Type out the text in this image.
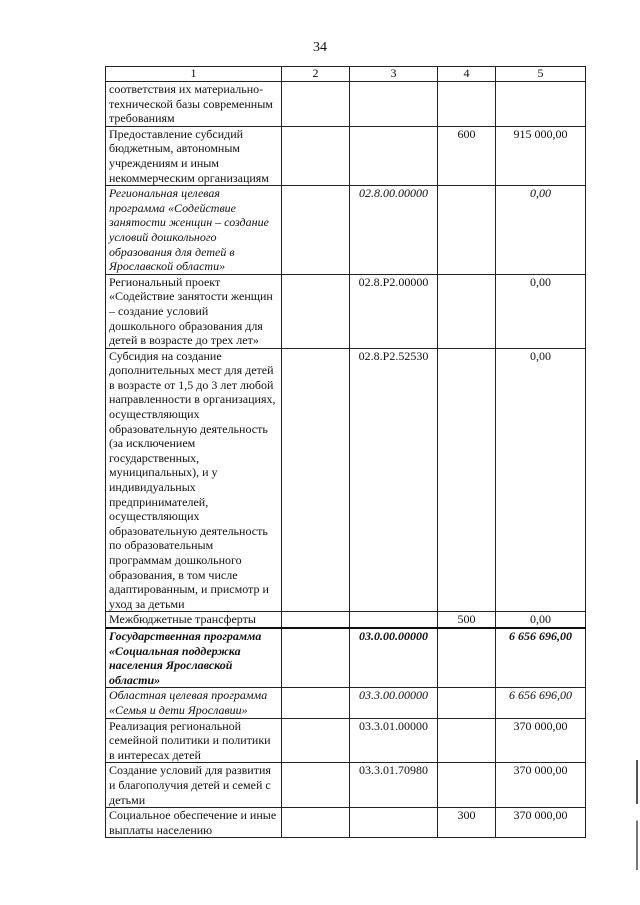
34
1	2	3	4	5
соответствия их материально-технической базы современным требованиям				
Предоставление субсидий бюджетным, автономным учреждениям и иным некоммерческим организациям			600	915 000,00
Региональная целевая программа «Содействие занятости женщин – создание условий дошкольного образования для детей в Ярославской области»		02.8.00.00000		0,00
Региональный проект «Содействие занятости женщин – создание условий дошкольного образования для детей в возрасте до трех лет»		02.8.P2.00000		0,00
Субсидия на создание дополнительных мест для детей в возрасте от 1,5 до 3 лет любой направленности в организациях, осуществляющих образовательную деятельность (за исключением государственных, муниципальных), и у индивидуальных предпринимателей, осуществляющих образовательную деятельность по образовательным программам дошкольного образования, в том числе адаптированным, и присмотр и уход за детьми		02.8.P2.52530		0,00
Межбюджетные трансферты			500	0,00
Государственная программа «Социальная поддержка населения Ярославской области»		03.0.00.00000		6 656 696,00
Областная целевая программа «Семья и дети Ярославии»		03.3.00.00000		6 656 696,00
Реализация региональной семейной политики и политики в интересах детей		03.3.01.00000		370 000,00
Создание условий для развития и благополучия детей и семей с детьми		03.3.01.70980		370 000,00
Социальное обеспечение и иные выплаты населению			300	370 000,00
